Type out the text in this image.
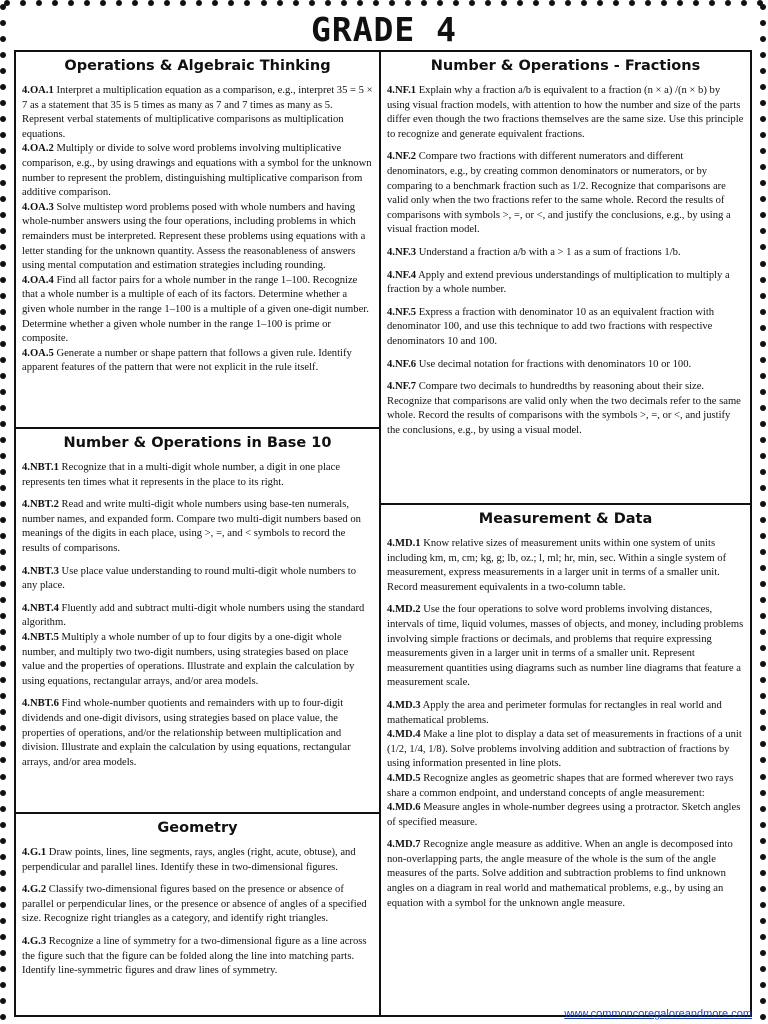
GRADE 4
Operations & Algebraic Thinking

4.OA.1 Interpret a multiplication equation as a comparison, e.g., interpret 35 = 5 × 7 as a statement that 35 is 5 times as many as 7 and 7 times as many as 5. Represent verbal statements of multiplicative comparisons as multiplication equations.

4.OA.2 Multiply or divide to solve word problems involving multiplicative comparison, e.g., by using drawings and equations with a symbol for the unknown number to represent the problem, distinguishing multiplicative comparison from additive comparison.

4.OA.3 Solve multistep word problems posed with whole numbers and having whole-number answers using the four operations, including problems in which remainders must be interpreted. Represent these problems using equations with a letter standing for the unknown quantity. Assess the reasonableness of answers using mental computation and estimation strategies including rounding.

4.OA.4 Find all factor pairs for a whole number in the range 1–100. Recognize that a whole number is a multiple of each of its factors. Determine whether a given whole number in the range 1–100 is a multiple of a given one-digit number. Determine whether a given whole number in the range 1–100 is prime or composite.

4.OA.5 Generate a number or shape pattern that follows a given rule. Identify apparent features of the pattern that were not explicit in the rule itself.

Number & Operations in Base 10

4.NBT.1 Recognize that in a multi-digit whole number, a digit in one place represents ten times what it represents in the place to its right.

4.NBT.2 Read and write multi-digit whole numbers using base-ten numerals, number names, and expanded form. Compare two multi-digit numbers based on meanings of the digits in each place, using >, =, and < symbols to record the results of comparisons.

4.NBT.3 Use place value understanding to round multi-digit whole numbers to any place.

4.NBT.4 Fluently add and subtract multi-digit whole numbers using the standard algorithm.

4.NBT.5 Multiply a whole number of up to four digits by a one-digit whole number, and multiply two two-digit numbers, using strategies based on place value and the properties of operations. Illustrate and explain the calculation by using equations, rectangular arrays, and/or area models.

4.NBT.6 Find whole-number quotients and remainders with up to four-digit dividends and one-digit divisors, using strategies based on place value, the properties of operations, and/or the relationship between multiplication and division. Illustrate and explain the calculation by using equations, rectangular arrays, and/or area models.

Geometry

4.G.1 Draw points, lines, line segments, rays, angles (right, acute, obtuse), and perpendicular and parallel lines. Identify these in two-dimensional figures.

4.G.2 Classify two-dimensional figures based on the presence or absence of parallel or perpendicular lines, or the presence or absence of angles of a specified size. Recognize right triangles as a category, and identify right triangles.

4.G.3 Recognize a line of symmetry for a two-dimensional figure as a line across the figure such that the figure can be folded along the line into matching parts. Identify line-symmetric figures and draw lines of symmetry.

Number & Operations - Fractions

4.NF.1 Explain why a fraction a/b is equivalent to a fraction (n × a) /(n × b) by using visual fraction models, with attention to how the number and size of the parts differ even though the two fractions themselves are the same size. Use this principle to recognize and generate equivalent fractions.

4.NF.2 Compare two fractions with different numerators and different denominators, e.g., by creating common denominators or numerators, or by comparing to a benchmark fraction such as 1/2. Recognize that comparisons are valid only when the two fractions refer to the same whole. Record the results of comparisons with symbols >, =, or <, and justify the conclusions, e.g., by using a visual fraction model.

4.NF.3 Understand a fraction a/b with a > 1 as a sum of fractions 1/b.

4.NF.4 Apply and extend previous understandings of multiplication to multiply a fraction by a whole number.

4.NF.5 Express a fraction with denominator 10 as an equivalent fraction with denominator 100, and use this technique to add two fractions with respective denominators 10 and 100.

4.NF.6 Use decimal notation for fractions with denominators 10 or 100.

4.NF.7 Compare two decimals to hundredths by reasoning about their size. Recognize that comparisons are valid only when the two decimals refer to the same whole. Record the results of comparisons with the symbols >, =, or <, and justify the conclusions, e.g., by using a visual model.

Measurement & Data

4.MD.1 Know relative sizes of measurement units within one system of units including km, m, cm; kg, g; lb, oz.; l, ml; hr, min, sec. Within a single system of measurement, express measurements in a larger unit in terms of a smaller unit. Record measurement equivalents in a two-column table.

4.MD.2 Use the four operations to solve word problems involving distances, intervals of time, liquid volumes, masses of objects, and money, including problems involving simple fractions or decimals, and problems that require expressing measurements given in a larger unit in terms of a smaller unit. Represent measurement quantities using diagrams such as number line diagrams that feature a measurement scale.

4.MD.3 Apply the area and perimeter formulas for rectangles in real world and mathematical problems.

4.MD.4 Make a line plot to display a data set of measurements in fractions of a unit (1/2, 1/4, 1/8). Solve problems involving addition and subtraction of fractions by using information presented in line plots.

4.MD.5 Recognize angles as geometric shapes that are formed wherever two rays share a common endpoint, and understand concepts of angle measurement:

4.MD.6 Measure angles in whole-number degrees using a protractor. Sketch angles of specified measure.

4.MD.7 Recognize angle measure as additive. When an angle is decomposed into non-overlapping parts, the angle measure of the whole is the sum of the angle measures of the parts. Solve addition and subtraction problems to find unknown angles on a diagram in real world and mathematical problems, e.g., by using an equation with a symbol for the unknown angle measure.

www.commoncoregaloreandmore.com
